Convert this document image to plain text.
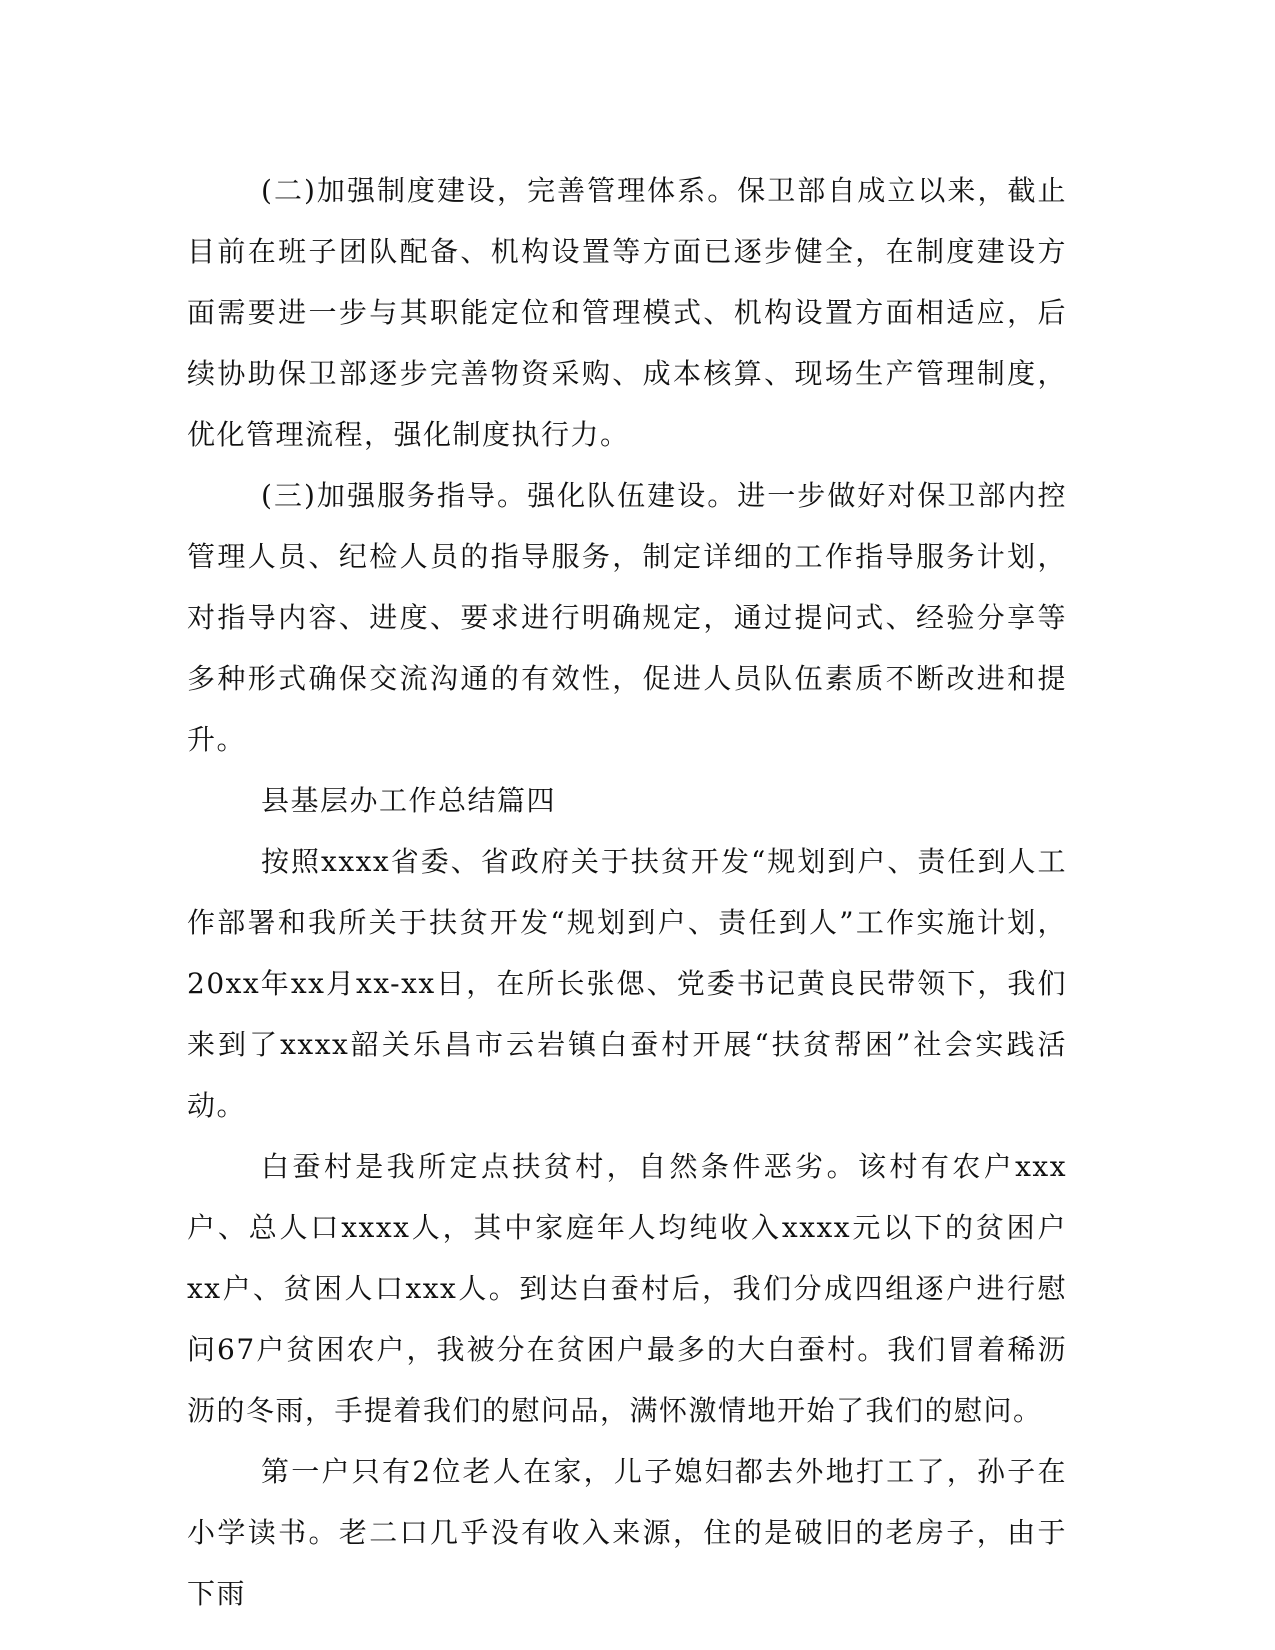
(二)加强制度建设，完善管理体系。保卫部自成立以来，截止目前在班子团队配备、机构设置等方面已逐步健全，在制度建设方面需要进一步与其职能定位和管理模式、机构设置方面相适应，后续协助保卫部逐步完善物资采购、成本核算、现场生产管理制度，优化管理流程，强化制度执行力。

(三)加强服务指导。强化队伍建设。进一步做好对保卫部内控管理人员、纪检人员的指导服务，制定详细的工作指导服务计划，对指导内容、进度、要求进行明确规定，通过提问式、经验分享等多种形式确保交流沟通的有效性，促进人员队伍素质不断改进和提升。

县基层办工作总结篇四

按照xxxx省委、省政府关于扶贫开发“规划到户、责任到人工作部署和我所关于扶贫开发“规划到户、责任到人”工作实施计划，20xx年xx月xx-xx日，在所长张偲、党委书记黄良民带领下，我们来到了xxxx韶关乐昌市云岩镇白蚕村开展“扶贫帮困”社会实践活动。

白蚕村是我所定点扶贫村，自然条件恶劣。该村有农户xxx户、总人口xxxx人，其中家庭年人均纯收入xxxx元以下的贫困户xx户、贫困人口xxx人。到达白蚕村后，我们分成四组逐户进行慰问67户贫困农户，我被分在贫困户最多的大白蚕村。我们冒着稀沥沥的冬雨，手提着我们的慰问品，满怀激情地开始了我们的慰问。

第一户只有2位老人在家，儿子媳妇都去外地打工了，孙子在小学读书。老二口几乎没有收入来源，住的是破旧的老房子，由于下雨
